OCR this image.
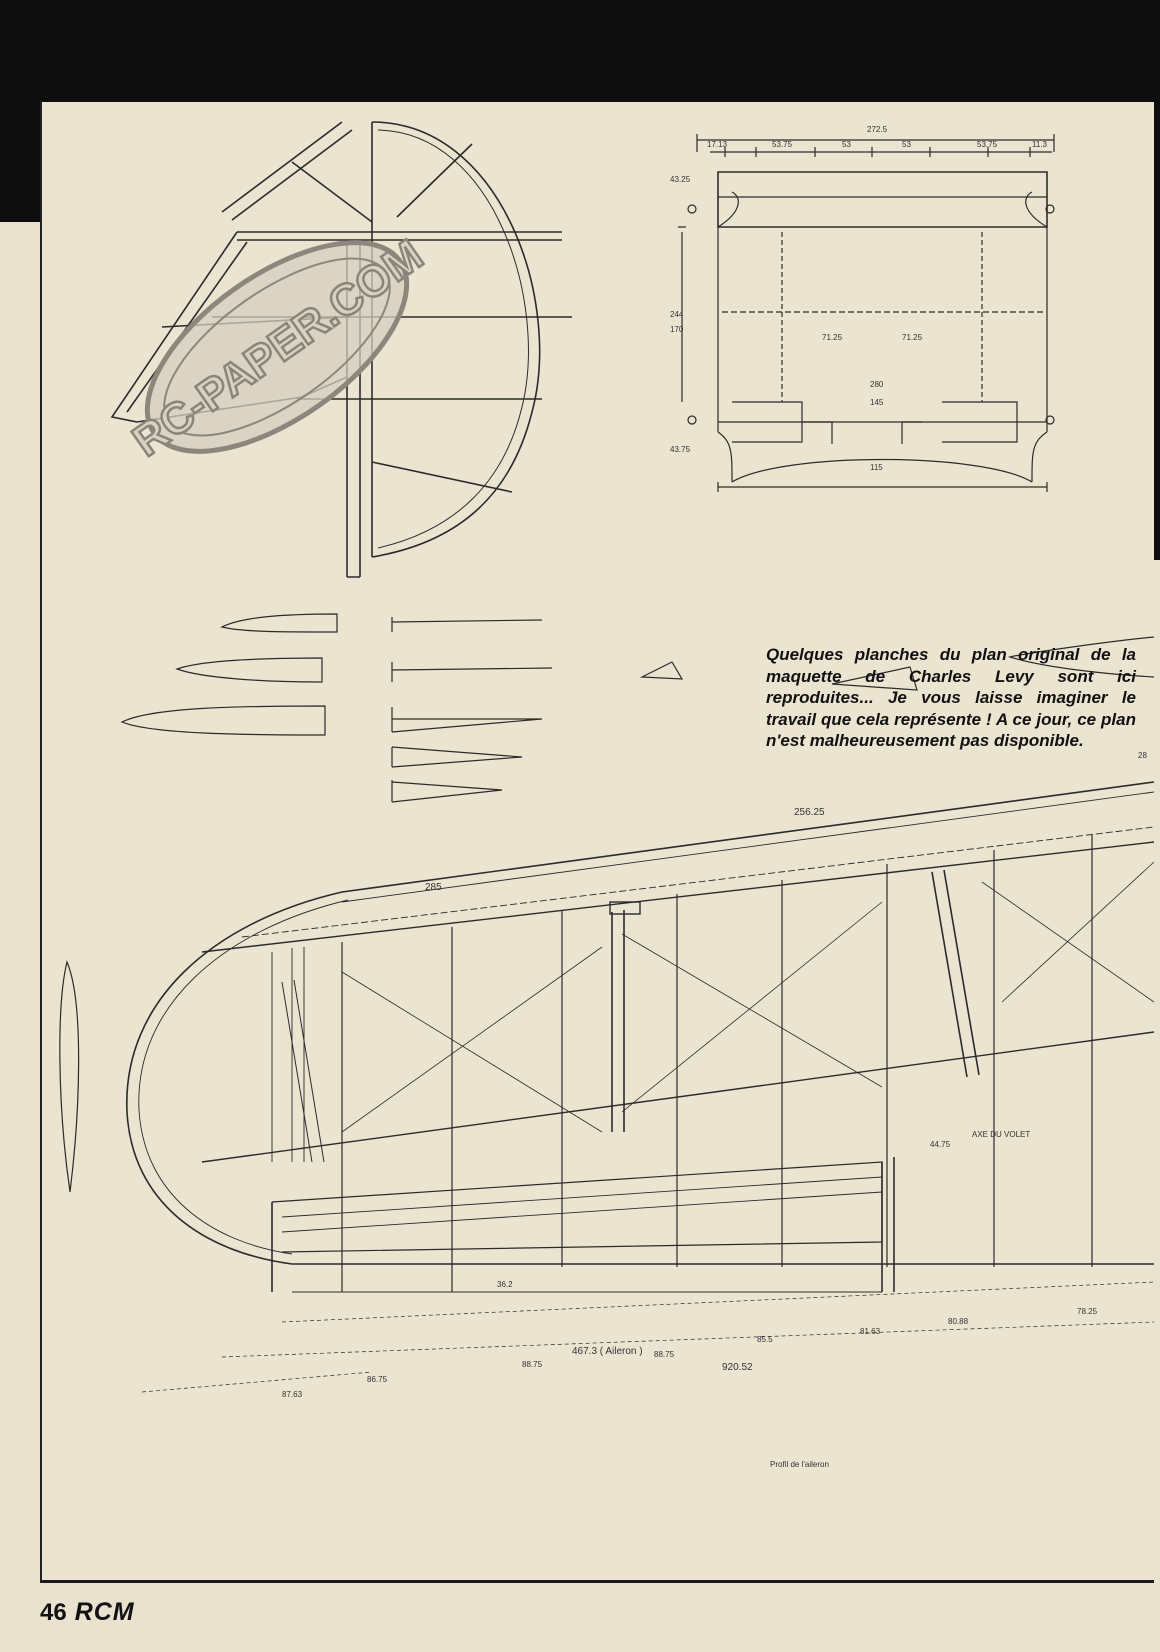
RC-PAPER.COM
272.5
17.13	53.75	53	53	53.75	11.3
43.25
244
170
43.75
71.25	71.25
280
145
115
256.25
285
44.75
AXE DU VOLET
36.2
467.3 ( Aileron )
80.88
78.25
81.63
85.5
88.75
88.75	920.52
86.75
87.63
Profil de l'aileron
28
Quelques planches du plan original de la maquette de Charles Levy sont ici reproduites... Je vous laisse imaginer le travail que cela représente ! A ce jour, ce plan n'est malheureusement pas disponible.
46 RCM
